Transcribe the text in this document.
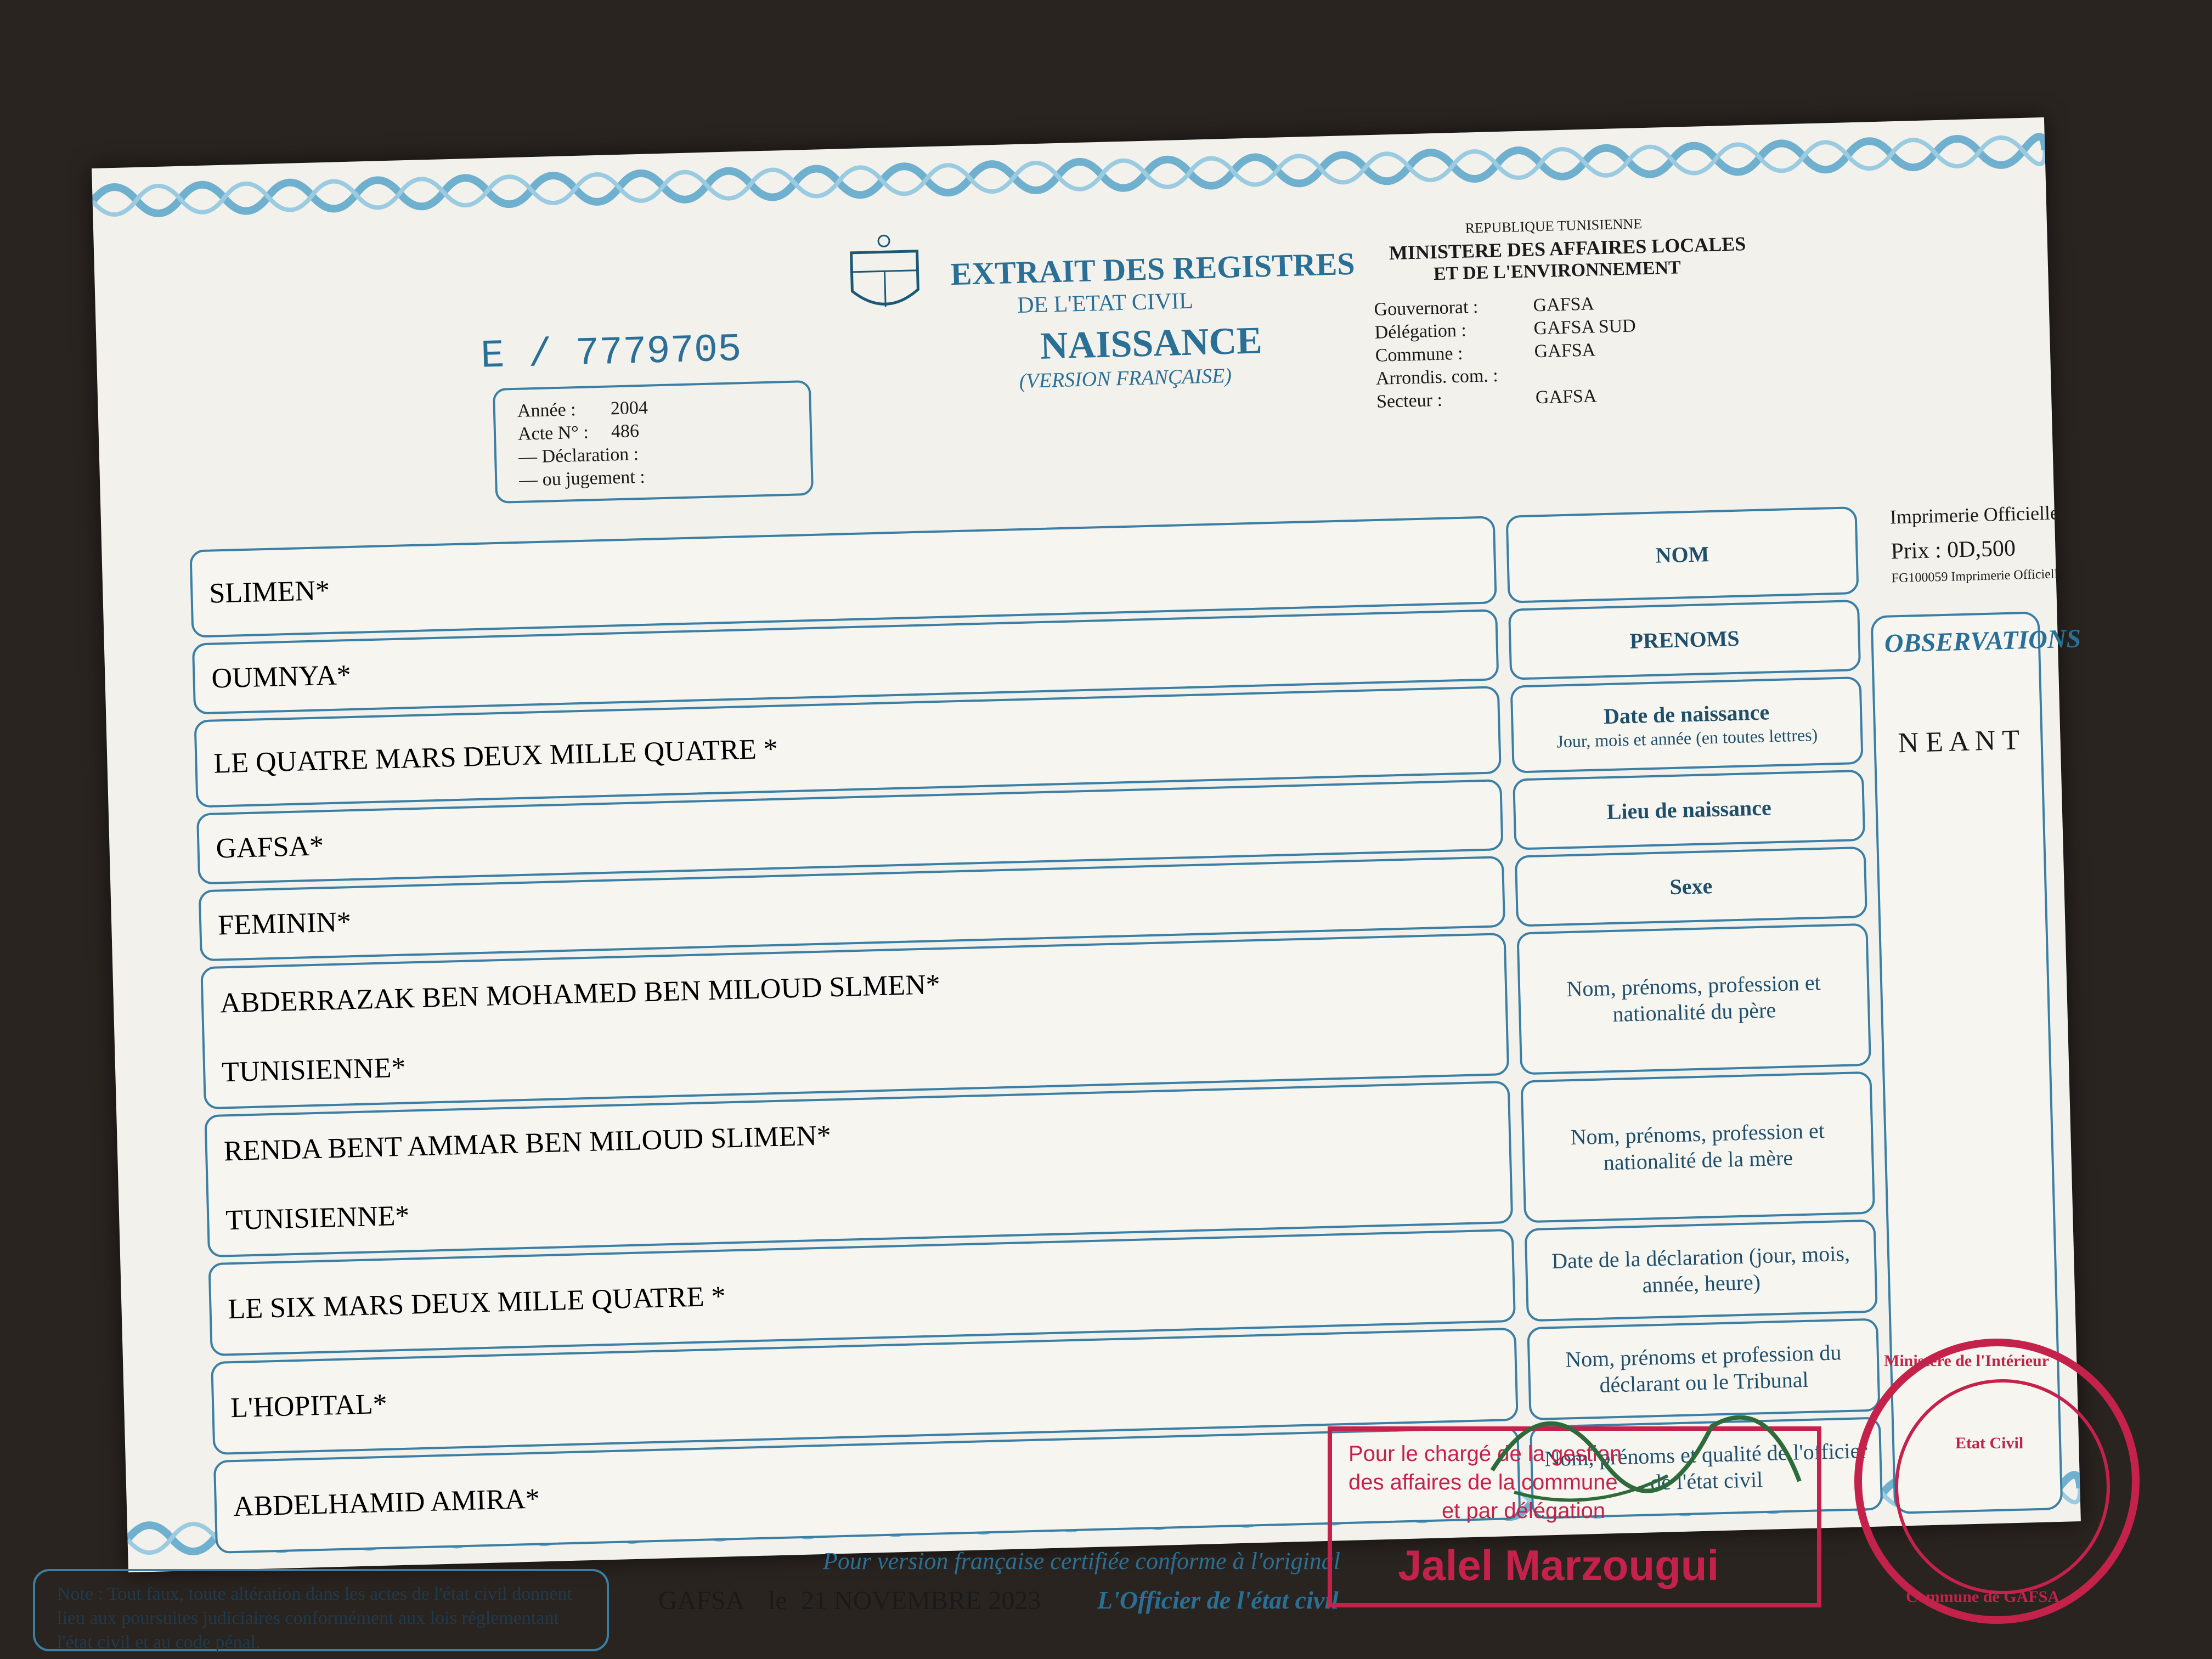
REPUBLIQUE TUNISIENNE
MINISTERE DES AFFAIRES LOCALES
ET DE L'ENVIRONNEMENT
Gouvernorat :	GAFSA
Délégation :	GAFSA SUD
Commune :	GAFSA
Arrondis. com. :
Secteur :	GAFSA
EXTRAIT DES REGISTRES
DE L'ETAT CIVIL
NAISSANCE
(VERSION FRANÇAISE)
E / 7779705
Année : 2004
Acte N° : 486
— Déclaration :
— ou jugement :
NOM
SLIMEN*
PRENOMS
OUMNYA*
Date de naissance
Jour, mois et année (en toutes lettres)
LE QUATRE MARS DEUX MILLE QUATRE *
Lieu de naissance
GAFSA*
Sexe
FEMININ*
Nom, prénoms, profession et nationalité du père
ABDERRAZAK BEN MOHAMED BEN MILOUD SLMEN*
TUNISIENNE*
Nom, prénoms, profession et nationalité de la mère
RENDA BENT AMMAR BEN MILOUD SLIMEN*
TUNISIENNE*
Date de la déclaration (jour, mois, année, heure)
LE SIX MARS DEUX MILLE QUATRE *
Nom, prénoms et profession du déclarant ou le Tribunal
L'HOPITAL*
Nom, prénoms et qualité de l'officier de l'état civil
ABDELHAMID AMIRA*
Imprimerie Officielle
Prix : 0D,500
FG100059 Imprimerie Officielle
OBSERVATIONS
N E A N T
Pour version française certifiée conforme à l'original
GAFSA le 21 NOVEMBRE 2023 L'Officier de l'état civil
Note : Tout faux, toute altération dans les actes de l'état civil donnent lieu aux poursuites judiciaires conformément aux lois réglementant l'état civil et au code pénal.
Ministère de l'Intérieur
Etat Civil
Commune de GAFSA
Pour le chargé de la gestion
des affaires de la commune
et par délégation
Jalel Marzougui
